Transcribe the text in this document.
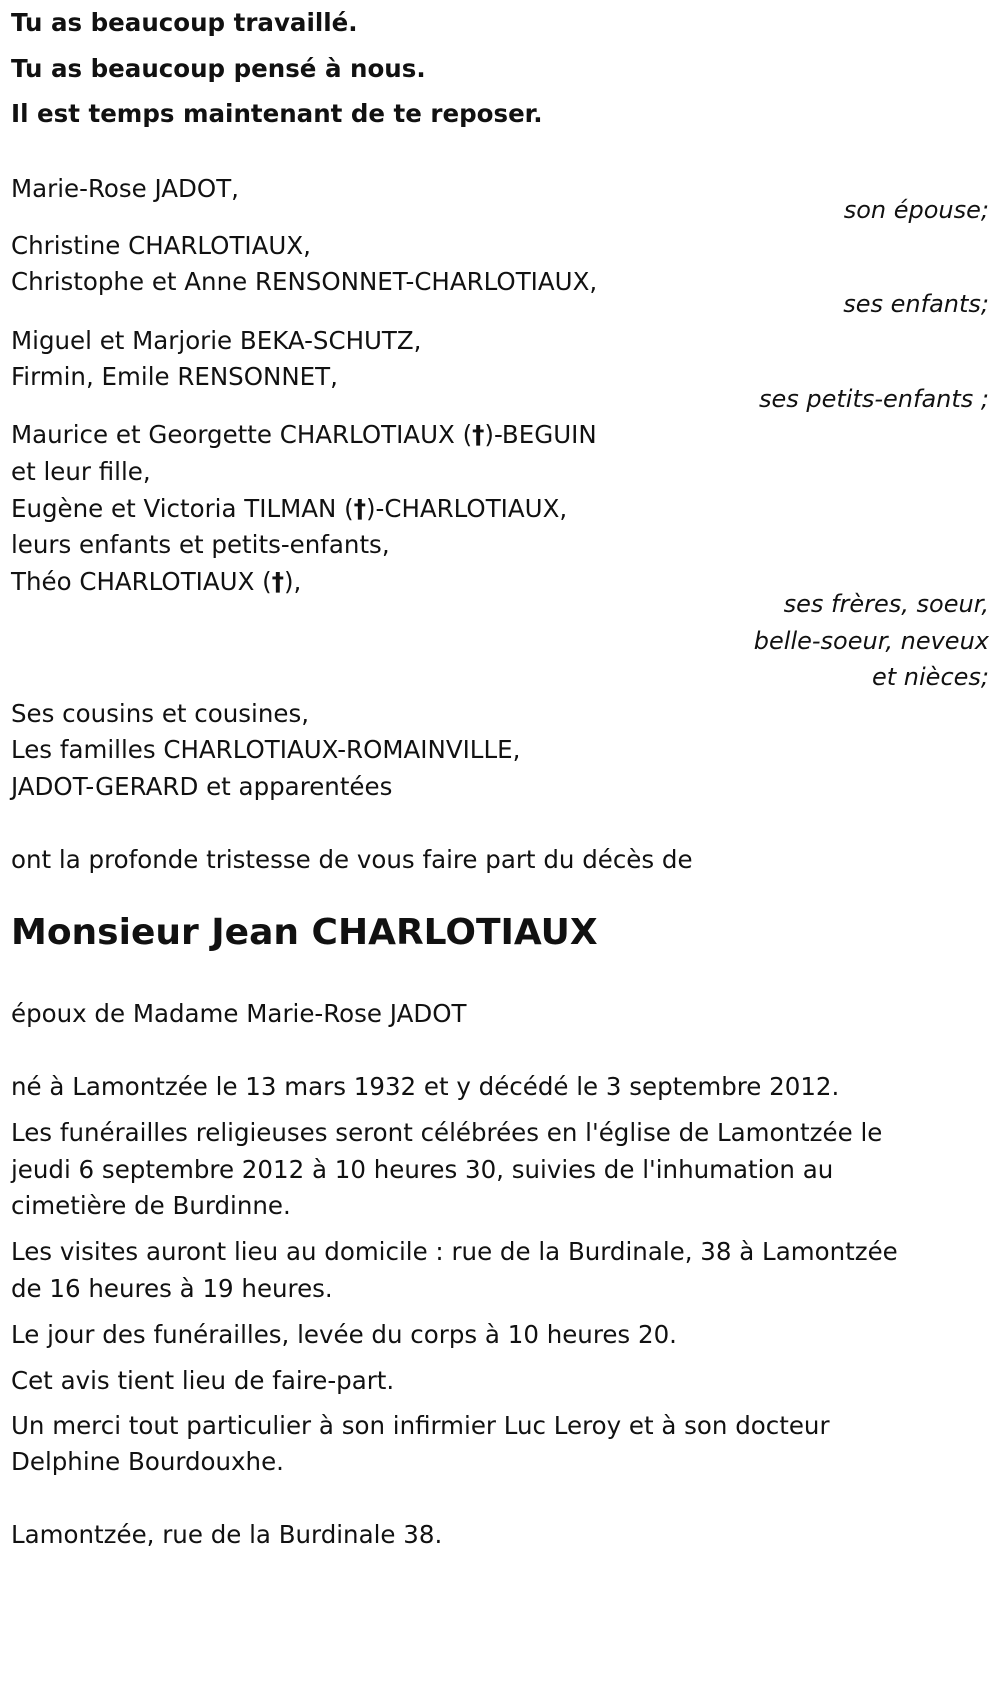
Tu as beaucoup travaillé.
Tu as beaucoup pensé à nous.
Il est temps maintenant de te reposer.
Marie-Rose JADOT,
son épouse;
Christine CHARLOTIAUX,
Christophe et Anne RENSONNET-CHARLOTIAUX,
ses enfants;
Miguel et Marjorie BEKA-SCHUTZ,
Firmin, Emile RENSONNET,
ses petits-enfants ;
Maurice et Georgette CHARLOTIAUX (†)-BEGUIN
et leur fille,
Eugène et Victoria TILMAN (†)-CHARLOTIAUX,
leurs enfants et petits-enfants,
Théo CHARLOTIAUX (†),
ses frères, soeur,
belle-soeur, neveux
et nièces;
Ses cousins et cousines,
Les familles CHARLOTIAUX-ROMAINVILLE,
JADOT-GERARD et apparentées
ont la profonde tristesse de vous faire part du décès de
Monsieur Jean CHARLOTIAUX
époux de Madame Marie-Rose JADOT
né à Lamontzée le 13 mars 1932 et y décédé le 3 septembre 2012.
Les funérailles religieuses seront célébrées en l'église de Lamontzée le
jeudi 6 septembre 2012 à 10 heures 30, suivies de l'inhumation au
cimetière de Burdinne.
Les visites auront lieu au domicile : rue de la Burdinale, 38 à Lamontzée
de 16 heures à 19 heures.
Le jour des funérailles, levée du corps à 10 heures 20.
Cet avis tient lieu de faire-part.
Un merci tout particulier à son infirmier Luc Leroy et à son docteur
Delphine Bourdouxhe.
Lamontzée, rue de la Burdinale 38.
